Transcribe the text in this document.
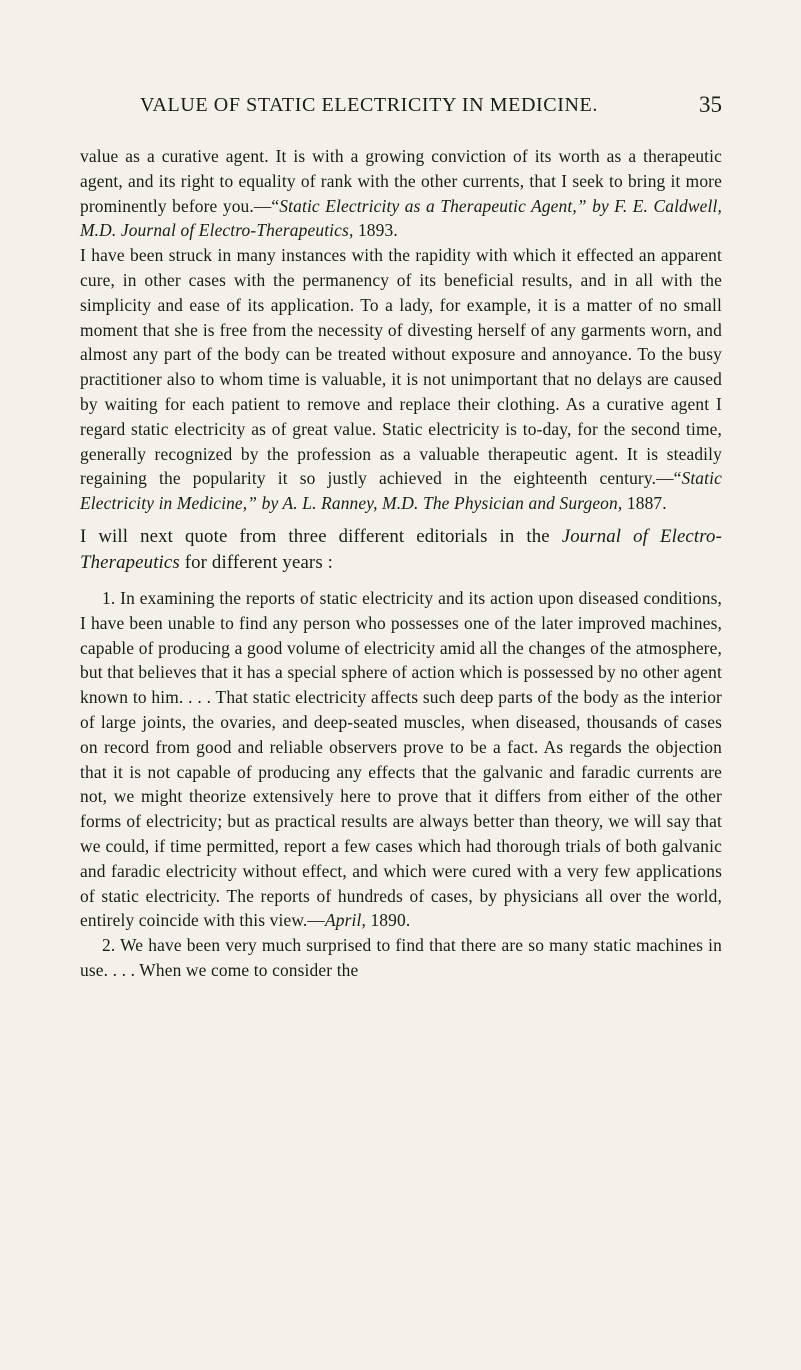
VALUE OF STATIC ELECTRICITY IN MEDICINE.	35

value as a curative agent. It is with a growing conviction of its worth as a therapeutic agent, and its right to equality of rank with the other currents, that I seek to bring it more prominently before you.—“Static Electricity as a Therapeutic Agent,” by F. E. Caldwell, M.D. Journal of Electro-Therapeutics, 1893.

I have been struck in many instances with the rapidity with which it effected an apparent cure, in other cases with the permanency of its beneficial results, and in all with the simplicity and ease of its application. To a lady, for example, it is a matter of no small moment that she is free from the necessity of divesting herself of any garments worn, and almost any part of the body can be treated without exposure and annoyance. To the busy practitioner also to whom time is valuable, it is not unimportant that no delays are caused by waiting for each patient to remove and replace their clothing. As a curative agent I regard static electricity as of great value. Static electricity is to-day, for the second time, generally recognized by the profession as a valuable therapeutic agent. It is steadily regaining the popularity it so justly achieved in the eighteenth century.—“Static Electricity in Medicine,” by A. L. Ranney, M.D. The Physician and Surgeon, 1887.

I will next quote from three different editorials in the Journal of Electro-Therapeutics for different years :

1. In examining the reports of static electricity and its action upon diseased conditions, I have been unable to find any person who possesses one of the later improved machines, capable of producing a good volume of electricity amid all the changes of the atmosphere, but that believes that it has a special sphere of action which is possessed by no other agent known to him. . . . That static electricity affects such deep parts of the body as the interior of large joints, the ovaries, and deep-seated muscles, when diseased, thousands of cases on record from good and reliable observers prove to be a fact. As regards the objection that it is not capable of producing any effects that the galvanic and faradic currents are not, we might theorize extensively here to prove that it differs from either of the other forms of electricity; but as practical results are always better than theory, we will say that we could, if time permitted, report a few cases which had thorough trials of both galvanic and faradic electricity without effect, and which were cured with a very few applications of static electricity. The reports of hundreds of cases, by physicians all over the world, entirely coincide with this view.—April, 1890.

2. We have been very much surprised to find that there are so many static machines in use. . . . When we come to consider the
